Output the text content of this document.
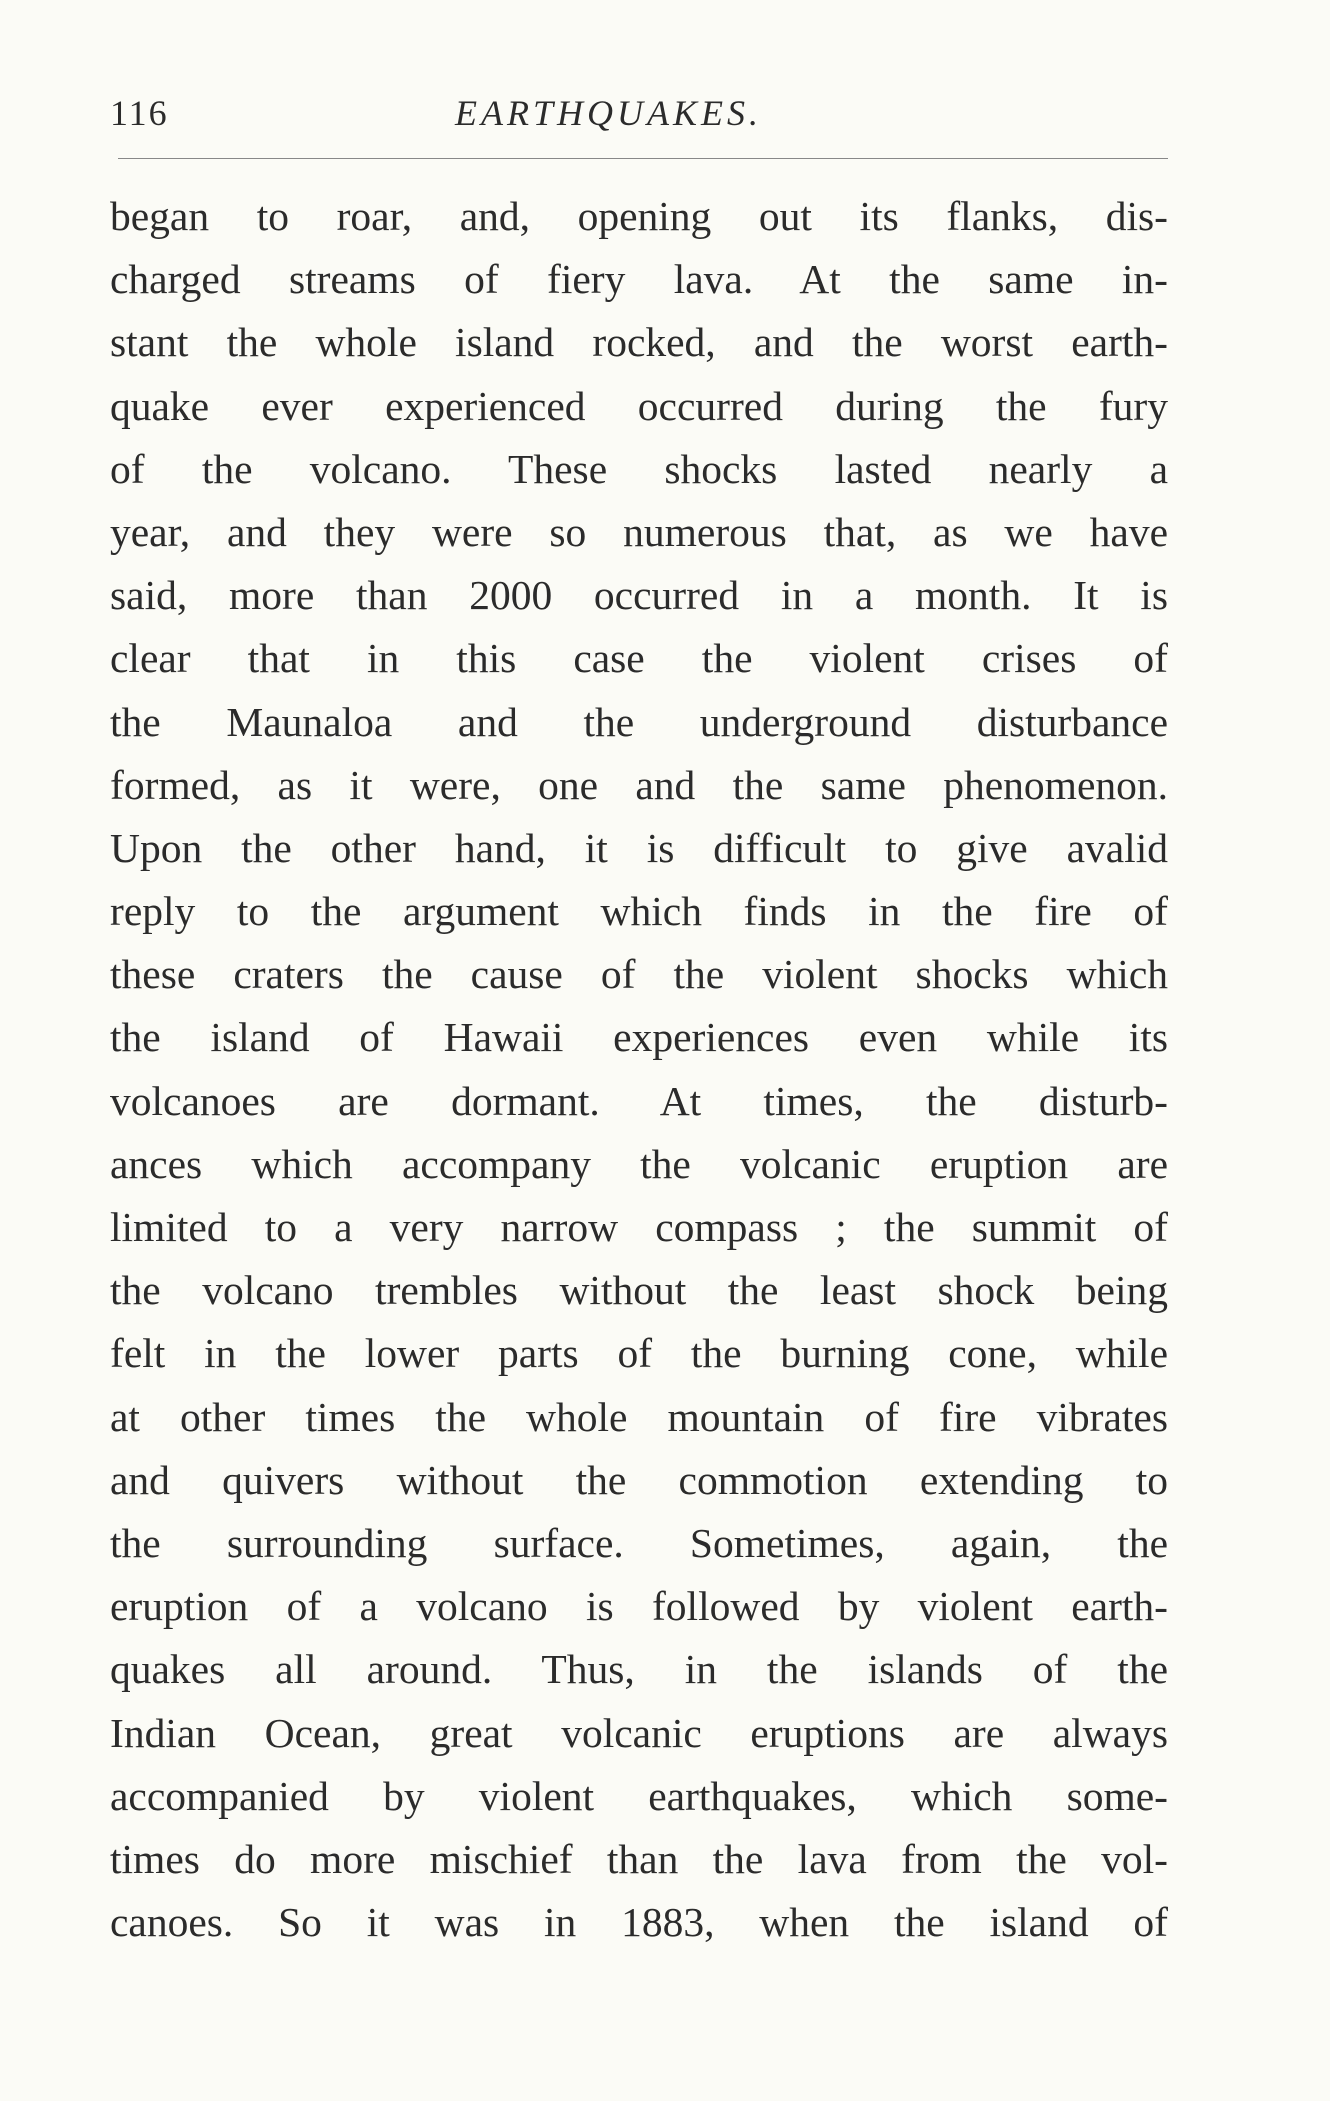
116	EARTHQUAKES.
began to roar, and, opening out its flanks, dis-
charged streams of fiery lava. At the same in-
stant the whole island rocked, and the worst earth-
quake ever experienced occurred during the fury
of the volcano. These shocks lasted nearly a
year, and they were so numerous that, as we have
said, more than 2000 occurred in a month. It is
clear that in this case the violent crises of
the Maunaloa and the underground disturbance
formed, as it were, one and the same phenomenon.
Upon the other hand, it is difficult to give avalid
reply to the argument which finds in the fire of
these craters the cause of the violent shocks which
the island of Hawaii experiences even while its
volcanoes are dormant. At times, the disturb-
ances which accompany the volcanic eruption are
limited to a very narrow compass ; the summit of
the volcano trembles without the least shock being
felt in the lower parts of the burning cone, while
at other times the whole mountain of fire vibrates
and quivers without the commotion extending to
the surrounding surface. Sometimes, again, the
eruption of a volcano is followed by violent earth-
quakes all around. Thus, in the islands of the
Indian Ocean, great volcanic eruptions are always
accompanied by violent earthquakes, which some-
times do more mischief than the lava from the vol-
canoes. So it was in 1883, when the island of
